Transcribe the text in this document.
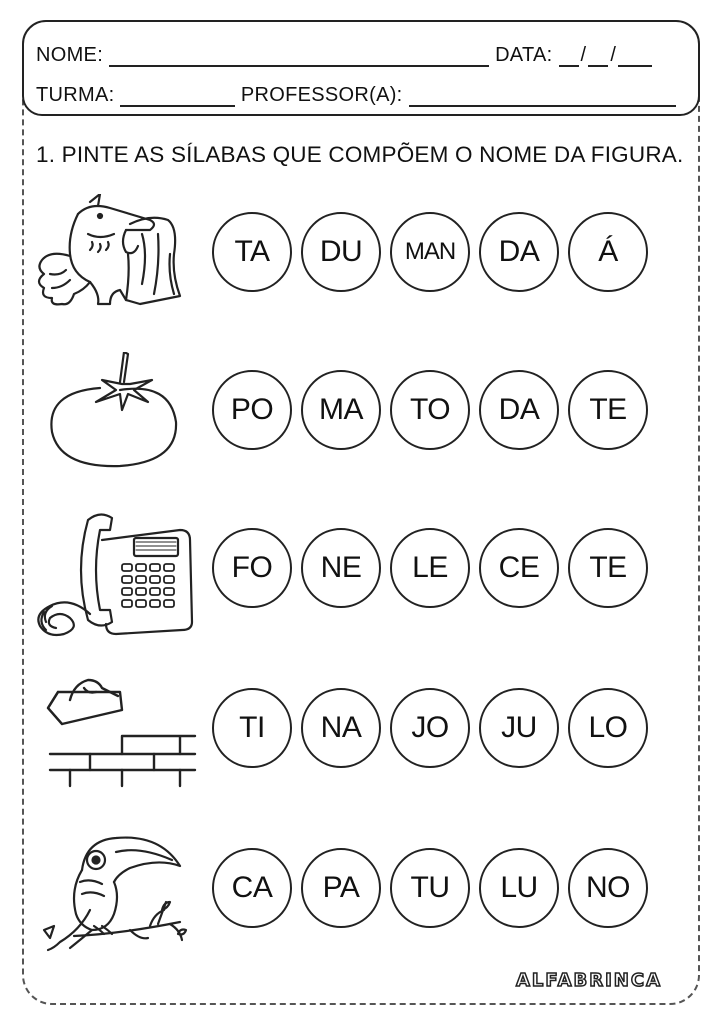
NOME:	DATA: / /
TURMA:	PROFESSOR(A):
1. PINTE AS SÍLABAS QUE COMPÕEM O NOME DA FIGURA.
TA	DU	MAN	DA	Á
PO	MA	TO	DA	TE
FO	NE	LE	CE	TE
TI	NA	JO	JU	LO
CA	PA	TU	LU	NO
ALFABRINCA
